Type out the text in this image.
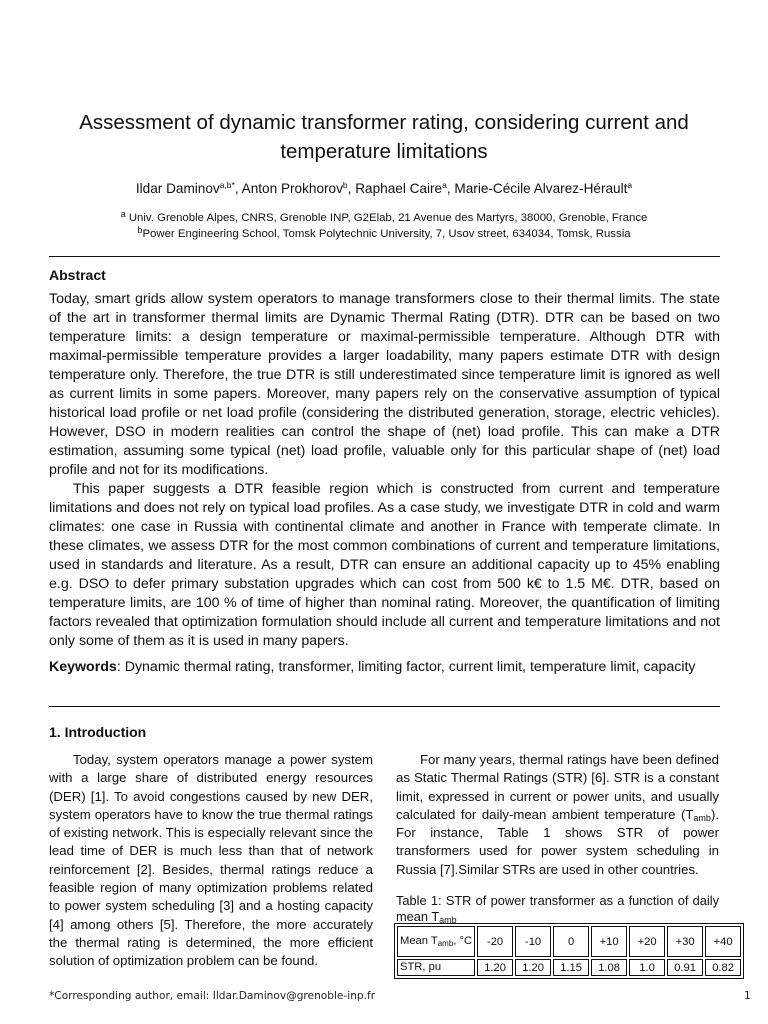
Assessment of dynamic transformer rating, considering current and temperature limitations
Ildar Daminov$^{a,b*}$, Anton Prokhorov$^b$, Raphael Caire$^a$, Marie-Cécile Alvarez-Hérault$^a$
$^a$ Univ. Grenoble Alpes, CNRS, Grenoble INP, G2Elab, 21 Avenue des Martyrs, 38000, Grenoble, France
$^b$Power Engineering School, Tomsk Polytechnic University, 7, Usov street, 634034, Tomsk, Russia
Abstract

Today, smart grids allow system operators to manage transformers close to their thermal limits. The state of the art in transformer thermal limits are Dynamic Thermal Rating (DTR). DTR can be based on two temperature limits: a design temperature or maximal-permissible temperature. Although DTR with maximal-permissible temperature provides a larger loadability, many papers estimate DTR with design temperature only. Therefore, the true DTR is still underestimated since temperature limit is ignored as well as current limits in some papers. Moreover, many papers rely on the conservative assumption of typical historical load profile or net load profile (considering the distributed generation, storage, electric vehicles). However, DSO in modern realities can control the shape of (net) load profile. This can make a DTR estimation, assuming some typical (net) load profile, valuable only for this particular shape of (net) load profile and not for its modifications.

This paper suggests a DTR feasible region which is constructed from current and temperature limitations and does not rely on typical load profiles. As a case study, we investigate DTR in cold and warm climates: one case in Russia with continental climate and another in France with temperate climate. In these climates, we assess DTR for the most common combinations of current and temperature limitations, used in standards and literature. As a result, DTR can ensure an additional capacity up to 45% enabling e.g. DSO to defer primary substation upgrades which can cost from 500 k€ to 1.5 M€. DTR, based on temperature limits, are 100 % of time of higher than nominal rating. Moreover, the quantification of limiting factors revealed that optimization formulation should include all current and temperature limitations and not only some of them as it is used in many papers.

Keywords: Dynamic thermal rating, transformer, limiting factor, current limit, temperature limit, capacity
1. Introduction

Today, system operators manage a power system with a large share of distributed energy resources (DER) [1]. To avoid congestions caused by new DER, system operators have to know the true thermal ratings of existing network. This is especially relevant since the lead time of DER is much less than that of network reinforcement [2]. Besides, thermal ratings reduce a feasible region of many optimization problems related to power system scheduling [3] and a hosting capacity [4] among others [5]. Therefore, the more accurately the thermal rating is determined, the more efficient solution of optimization problem can be found.

For many years, thermal ratings have been defined as Static Thermal Ratings (STR) [6]. STR is a constant limit, expressed in current or power units, and usually calculated for daily-mean ambient temperature $(T_{amb})$. For instance, Table 1 shows STR of power transformers used for power system scheduling in Russia [7].Similar STRs are used in other countries.

Table 1: STR of power transformer as a function of daily mean $T_{amb}$
Mean $T_{amb}$, °C	-20	-10	0	+10	+20	+30	+40
STR, pu	1.20	1.20	1.15	1.08	1.0	0.91	0.82
*Corresponding author, email: Ildar.Daminov@grenoble-inp.fr	1
